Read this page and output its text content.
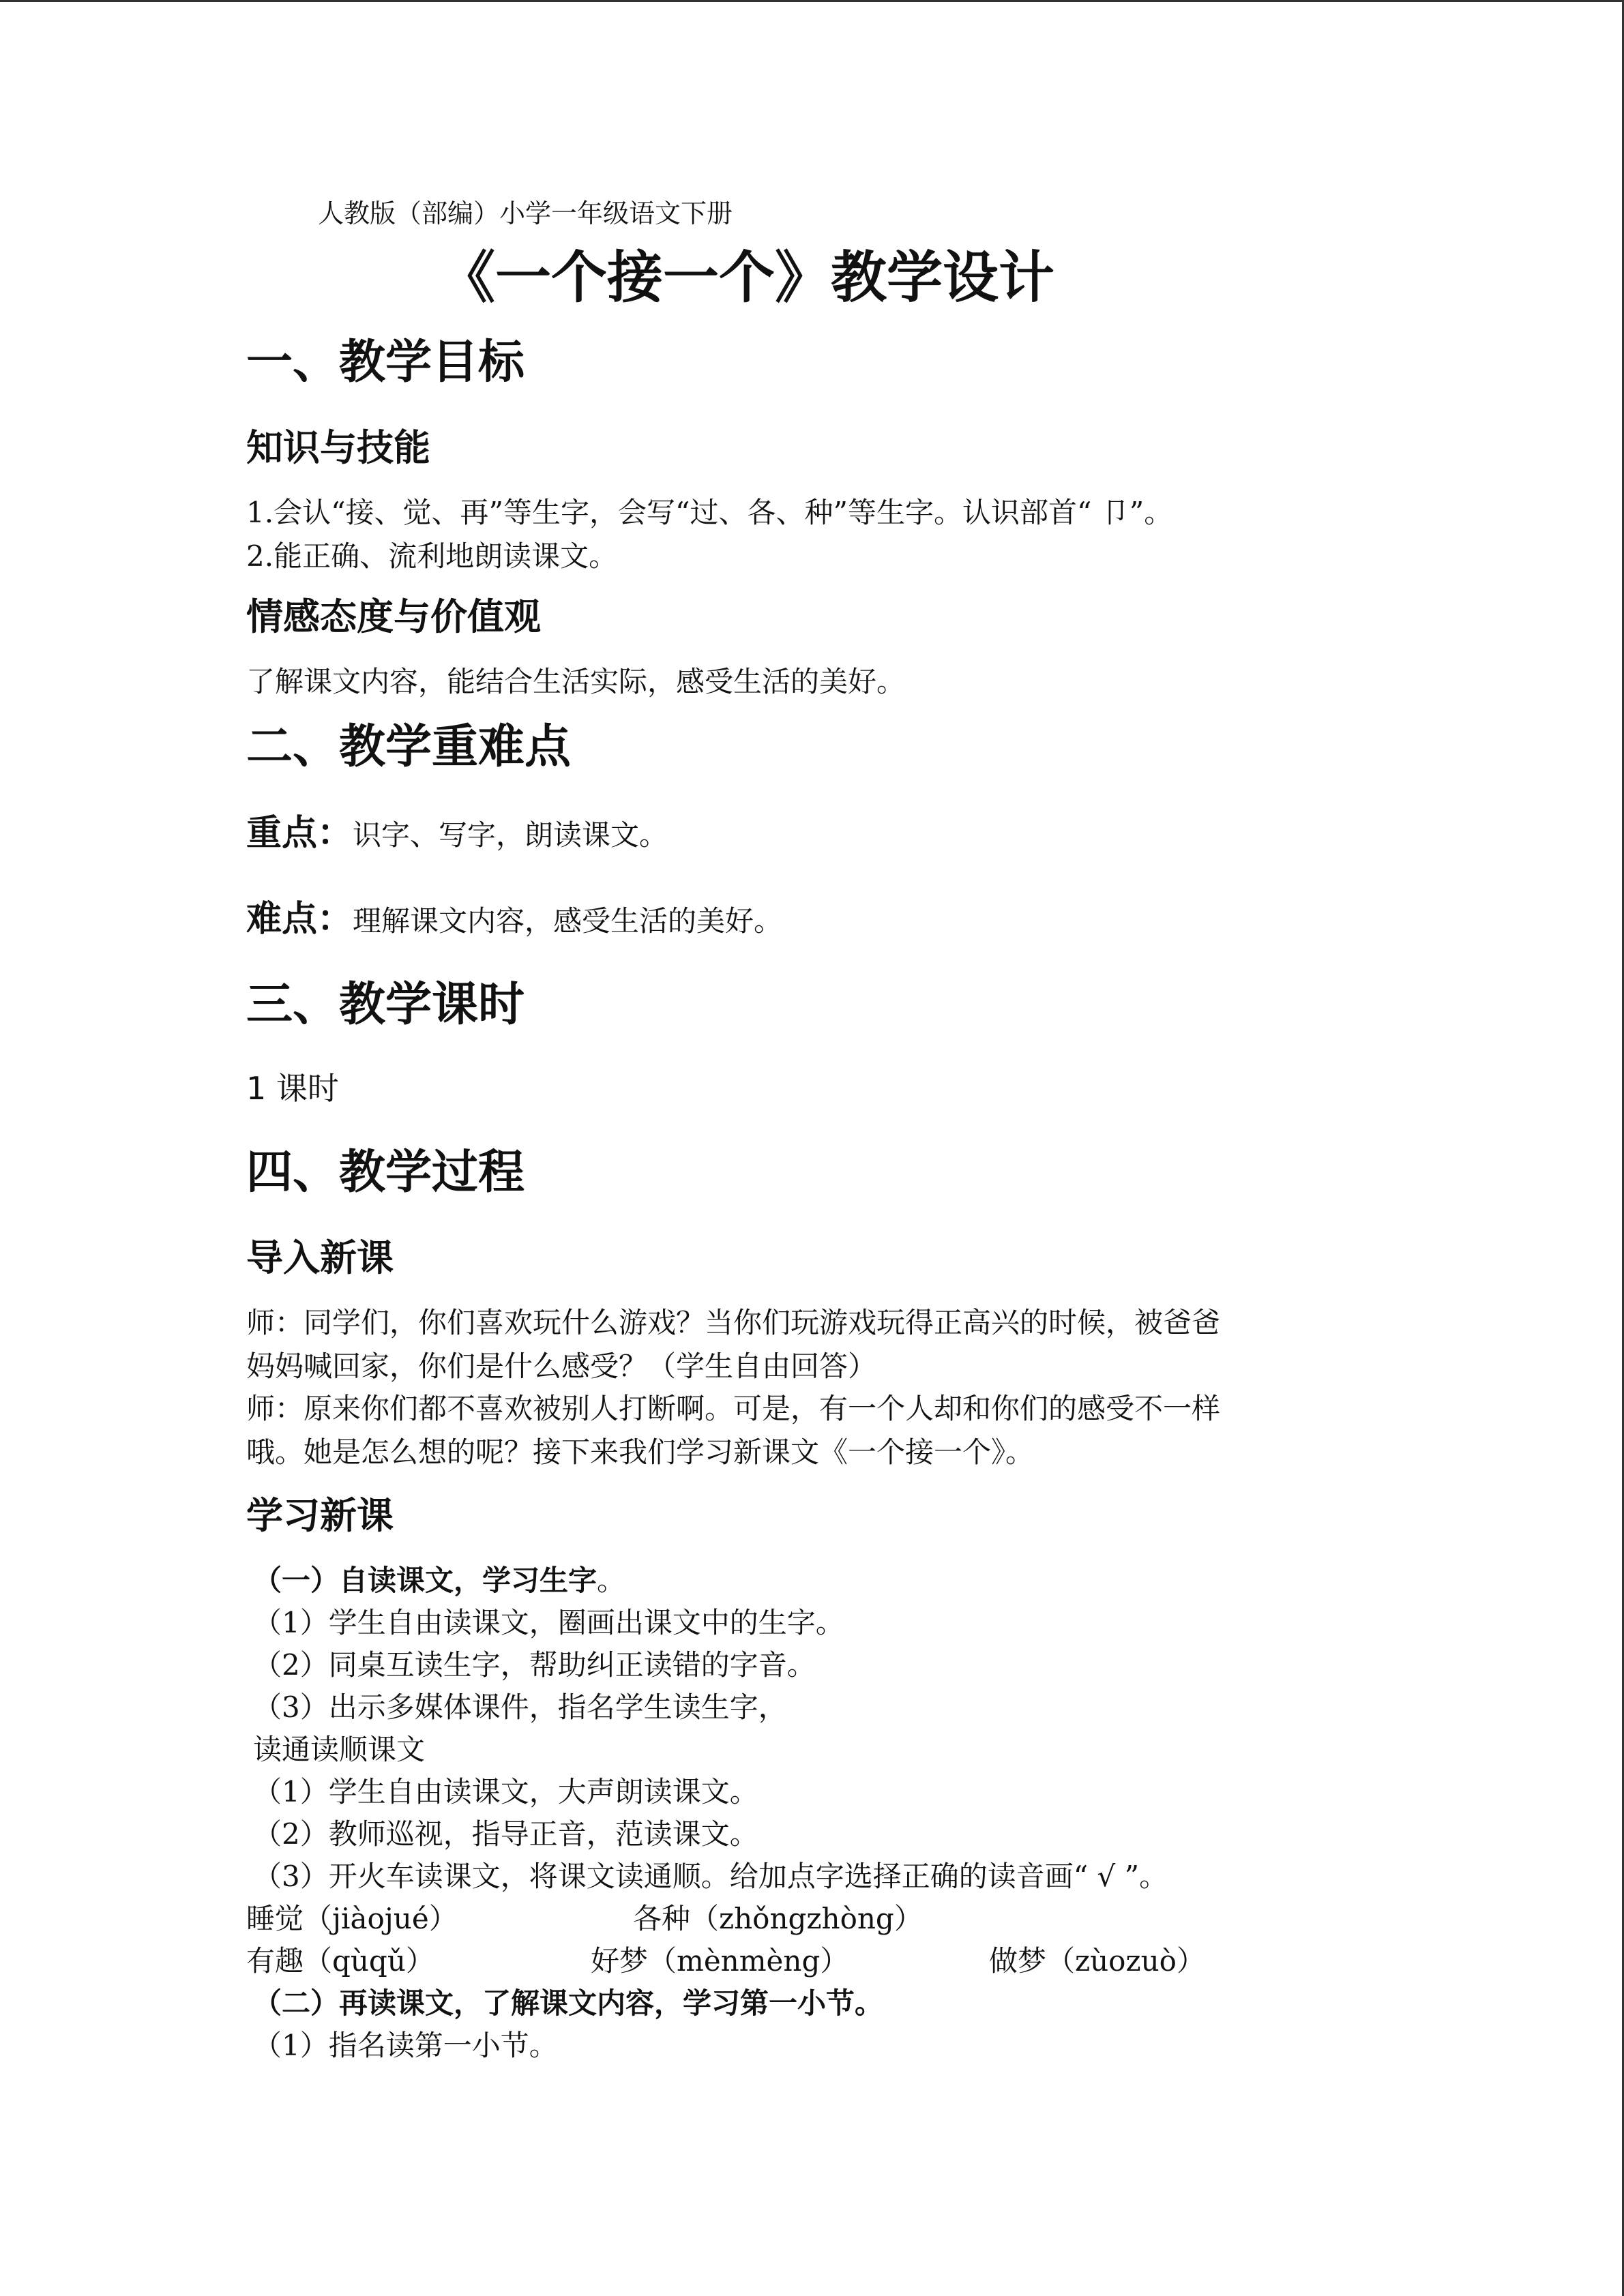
人教版（部编）小学一年级语文下册
《一个接一个》教学设计
一、教学目标
知识与技能
1.会认“接、觉、再”等生字，会写“过、各、种”等生字。认识部首“ 卩”。
2.能正确、流利地朗读课文。
情感态度与价值观
了解课文内容，能结合生活实际，感受生活的美好。
二、教学重难点
重点：识字、写字，朗读课文。
难点：理解课文内容，感受生活的美好。
三、教学课时
1 课时
四、教学过程
导入新课
师：同学们，你们喜欢玩什么游戏？当你们玩游戏玩得正高兴的时候，被爸爸
妈妈喊回家，你们是什么感受？（学生自由回答）
师：原来你们都不喜欢被别人打断啊。可是，有一个人却和你们的感受不一样
哦。她是怎么想的呢？接下来我们学习新课文《一个接一个》。
学习新课
（一）自读课文，学习生字。
（1）学生自由读课文，圈画出课文中的生字。
（2）同桌互读生字，帮助纠正读错的字音。
（3）出示多媒体课件，指名学生读生字，
读通读顺课文
（1）学生自由读课文，大声朗读课文。
（2）教师巡视，指导正音，范读课文。
（3）开火车读课文，将课文读通顺。给加点字选择正确的读音画“ √ ”。
睡觉（jiàojué）	各种（zhǒngzhòng）
有趣（qùqǔ）	好梦（mènmèng）	做梦（zùozuò）
（二）再读课文，了解课文内容，学习第一小节。
（1）指名读第一小节。
